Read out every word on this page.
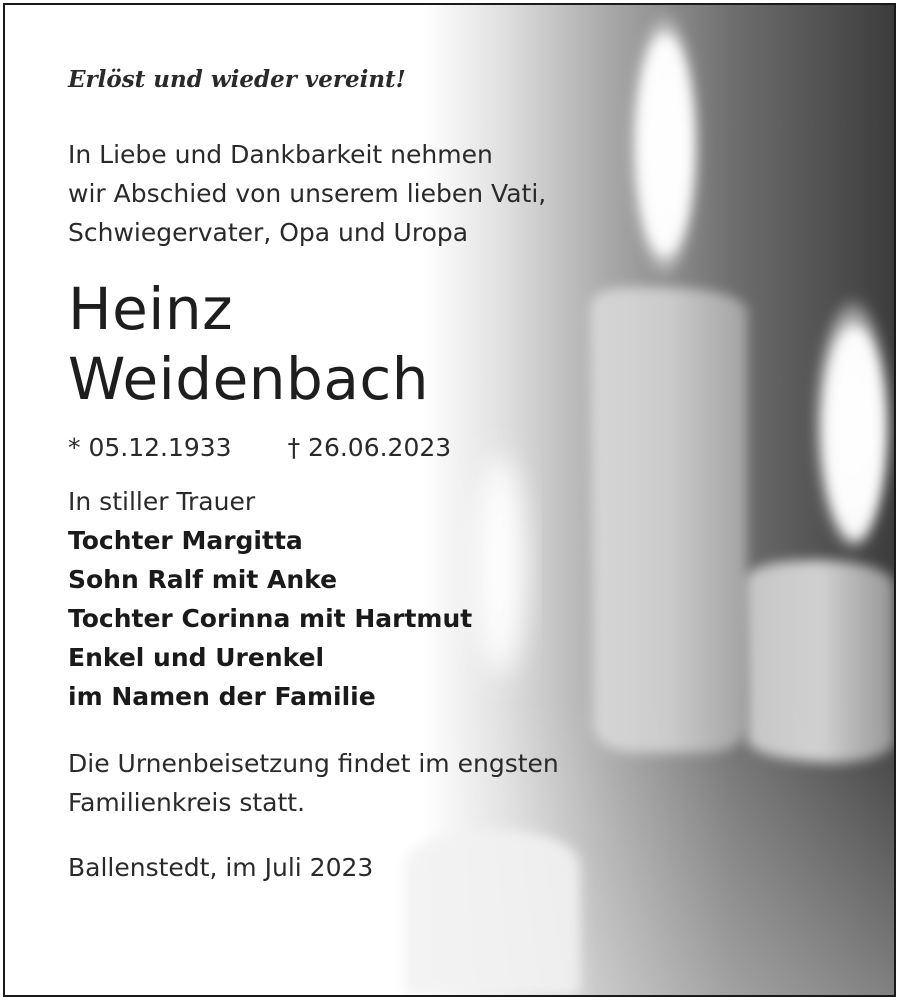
Erlöst und wieder vereint!

In Liebe und Dankbarkeit nehmen
wir Abschied von unserem lieben Vati,
Schwiegervater, Opa und Uropa
Heinz
Weidenbach
* 05.12.1933 † 26.06.2023
In stiller Trauer
Tochter Margitta
Sohn Ralf mit Anke
Tochter Corinna mit Hartmut
Enkel und Urenkel
im Namen der Familie
Die Urnenbeisetzung findet im engsten
Familienkreis statt.
Ballenstedt, im Juli 2023
